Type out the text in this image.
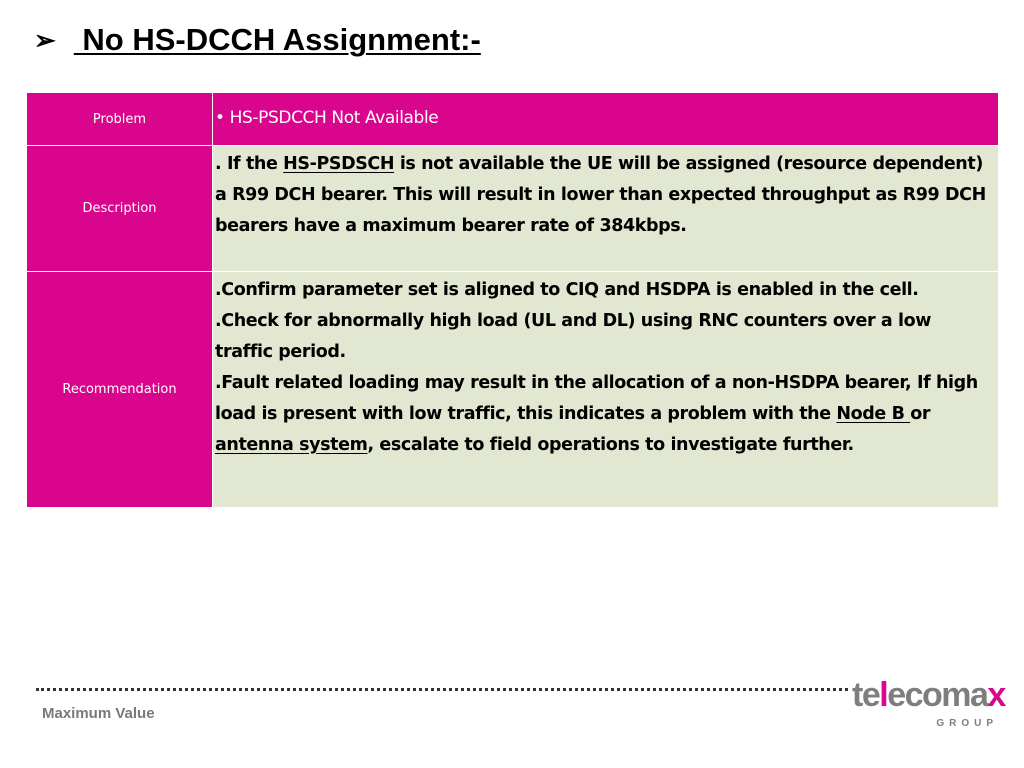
➢ No HS-DCCH Assignment:-
Problem	• HS-PSDCCH Not Available
Description	. If the HS-PSDSCH is not available the UE will be assigned (resource dependent) a R99 DCH bearer. This will result in lower than expected throughput as R99 DCH bearers have a maximum bearer rate of 384kbps.
Recommendation	.Confirm parameter set is aligned to CIQ and HSDPA is enabled in the cell.
.Check for abnormally high load (UL and DL) using RNC counters over a low traffic period.
.Fault related loading may result in the allocation of a non-HSDPA bearer, If high load is present with low traffic, this indicates a problem with the Node B or antenna system, escalate to field operations to investigate further.
Maximum Value	telecomax
GROUP
